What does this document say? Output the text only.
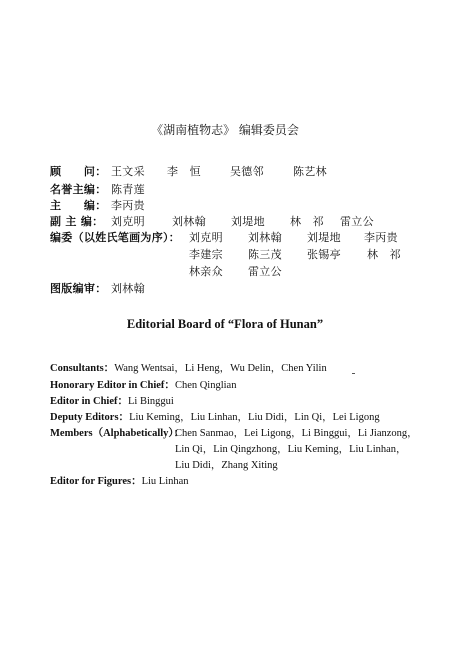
《湖南植物志》 编辑委员会
顾　　问： 王文采 李　恒	吴德邻	陈艺林
名誉主编： 陈青莲
主　　编： 李丙贵
副 主 编： 刘克明 刘林翰 刘堤地 林　祁 雷立公
编委（以姓氏笔画为序）： 刘克明 刘林翰 刘堤地 李丙贵
李建宗 陈三茂 张锡亭 林　祁
林亲众 雷立公
图版编审： 刘林翰
Editorial Board of “Flora of Hunan”
Consultants：Wang Wentsai，Li Heng，Wu Delin，Chen Yilin
Honorary Editor in Chief：Chen Qinglian
Editor in Chief：Li Binggui
Deputy Editors：Liu Keming，Liu Linhan，Liu Didi，Lin Qi，Lei Ligong
Members（Alphabetically）：
Chen Sanmao，Lei Ligong，Li Binggui，Li Jianzong，
Lin Qi，Lin Qingzhong，Liu Keming，Liu Linhan，
Liu Didi，Zhang Xiting
Editor for Figures：Liu Linhan
